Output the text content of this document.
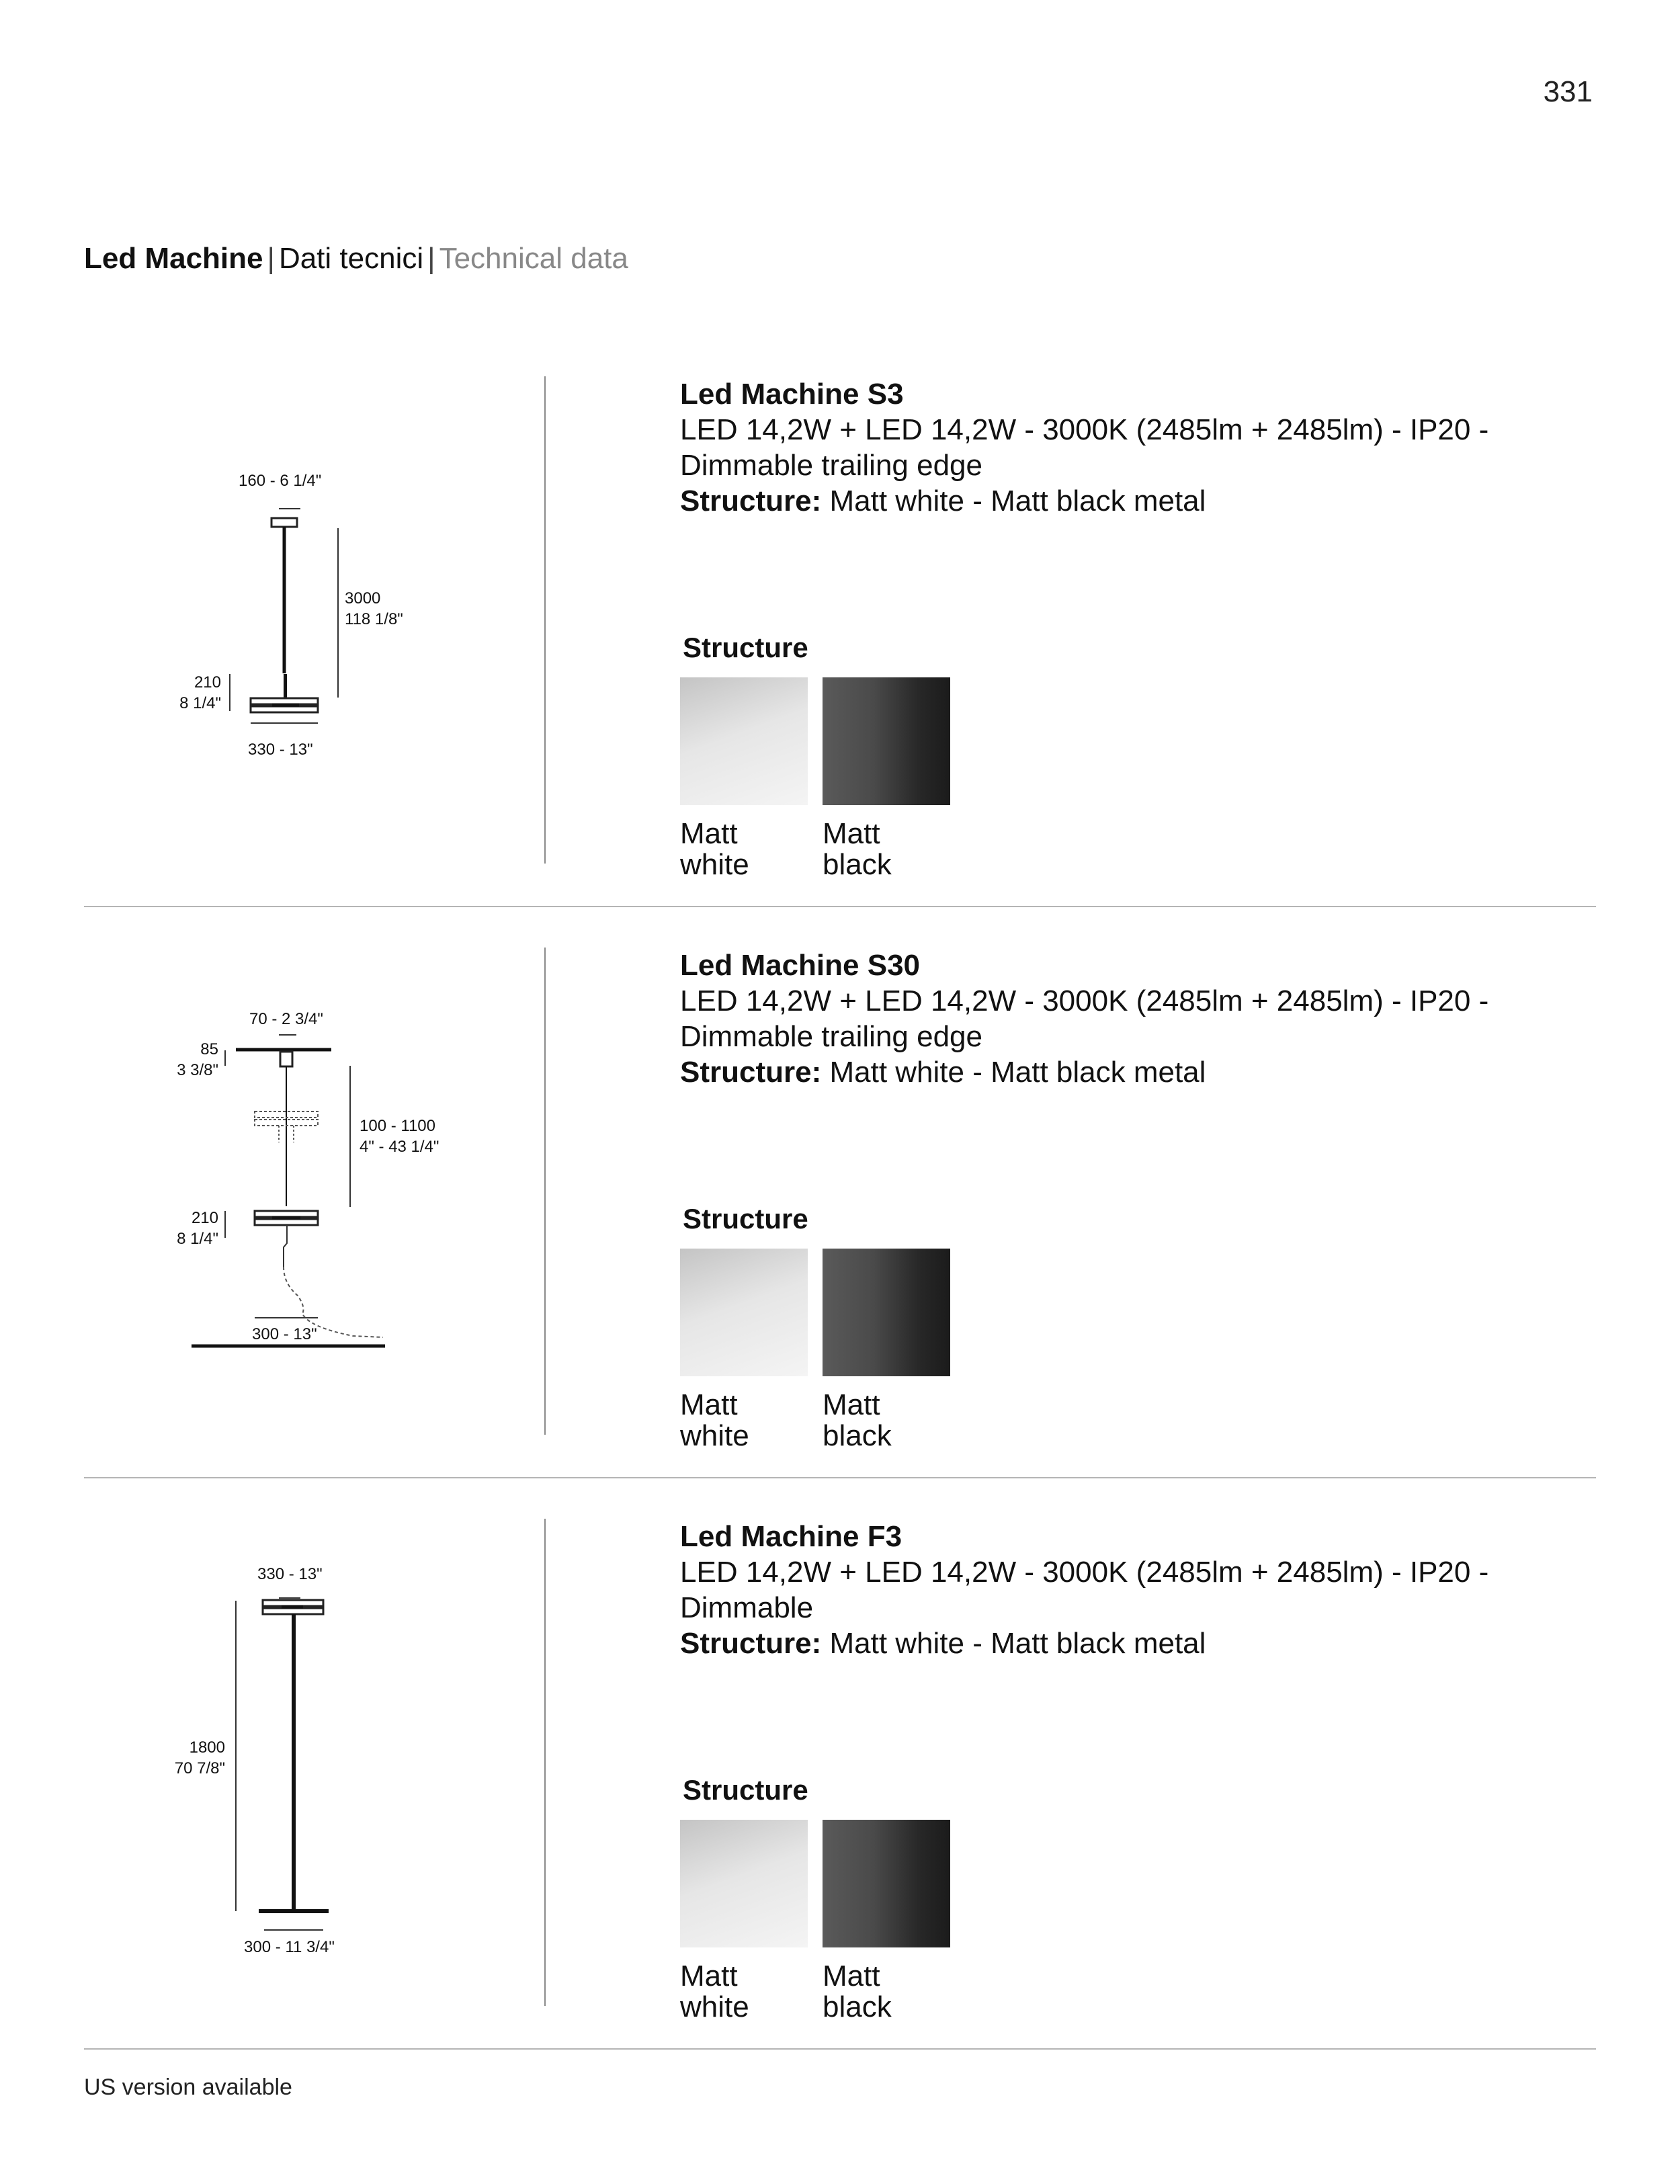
331
Led Machine | Dati tecnici | Technical data
160 - 6 1/4"
3000
118 1/8"
210
8 1/4"
330 - 13"
Led Machine S3
LED 14,2W + LED 14,2W - 3000K (2485lm + 2485lm) - IP20 - Dimmable trailing edge
Structure: Matt white - Matt black metal
Structure
Matt white
Matt black
70 - 2 3/4"
85
3 3/8"
100 - 1100
4" - 43 1/4"
210
8 1/4"
300 - 13"
Led Machine S30
LED 14,2W + LED 14,2W - 3000K (2485lm + 2485lm) - IP20 - Dimmable trailing edge
Structure: Matt white - Matt black metal
Structure
Matt white
Matt black
330 - 13"
1800
70 7/8"
300 - 11 3/4"
Led Machine F3
LED 14,2W + LED 14,2W - 3000K (2485lm + 2485lm) - IP20 - Dimmable
Structure: Matt white - Matt black metal
Structure
Matt white
Matt black
US version available
